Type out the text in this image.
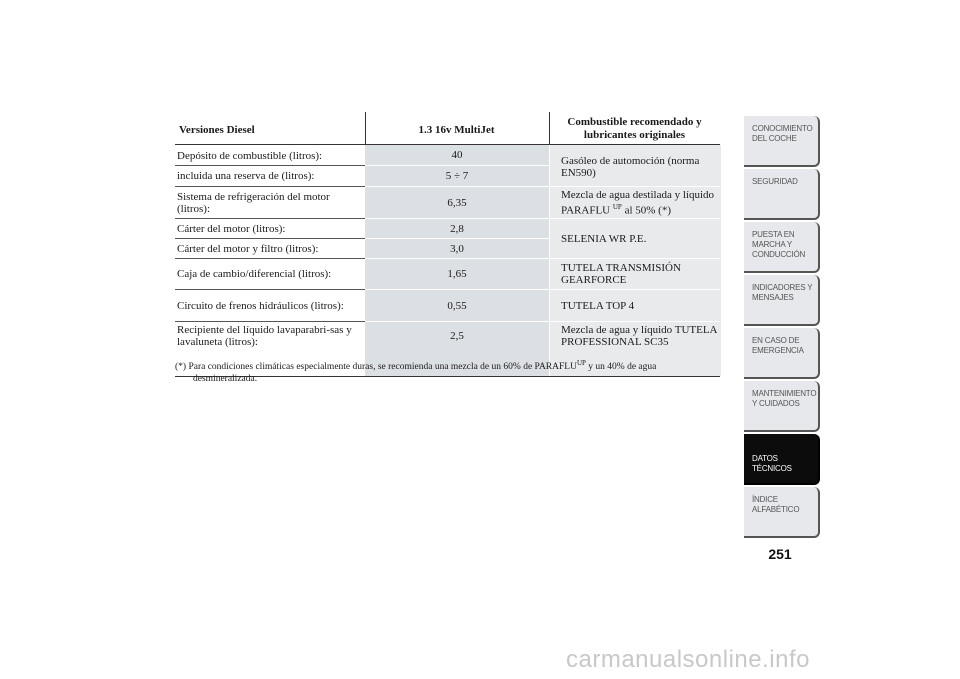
Versiones Diesel	1.3 16v MultiJet
Combustible recomendado y lubricantes originales
Depósito de combustible (litros):
incluida una reserva de (litros):
Sistema de refrigeración del motor (litros):
Cárter del motor (litros):
Cárter del motor y filtro (litros):
Caja de cambio/diferencial (litros):
Circuito de frenos hidráulicos (litros):
Recipiente del líquido lavaparabri-sas y lavaluneta (litros):
40
5 ÷ 7
6,35
2,8
3,0
1,65
0,55
2,5
Gasóleo de automoción (norma EN590)
Mezcla de agua destilada y líquido PARAFLU $^{UP}$ al 50% (*)
SELENIA WR P.E.
TUTELA TRANSMISIÓN GEARFORCE
TUTELA TOP 4
Mezcla de agua y líquido TUTELA PROFESSIONAL SC35
(*) Para condiciones climáticas especialmente duras, se recomienda una mezcla de un 60% de $PARAFLU^{UP}$ y un 40% de agua
desmineralizada.
CONOCIMIENTO DEL COCHE
SEGURIDAD
PUESTA EN MARCHA Y CONDUCCIÓN
INDICADORES Y MENSAJES
EN CASO DE EMERGENCIA
MANTENIMIENTO Y CUIDADOS
DATOS TÉCNICOS
ÍNDICE ALFABÉTICO
251
carmanualsonline.info
